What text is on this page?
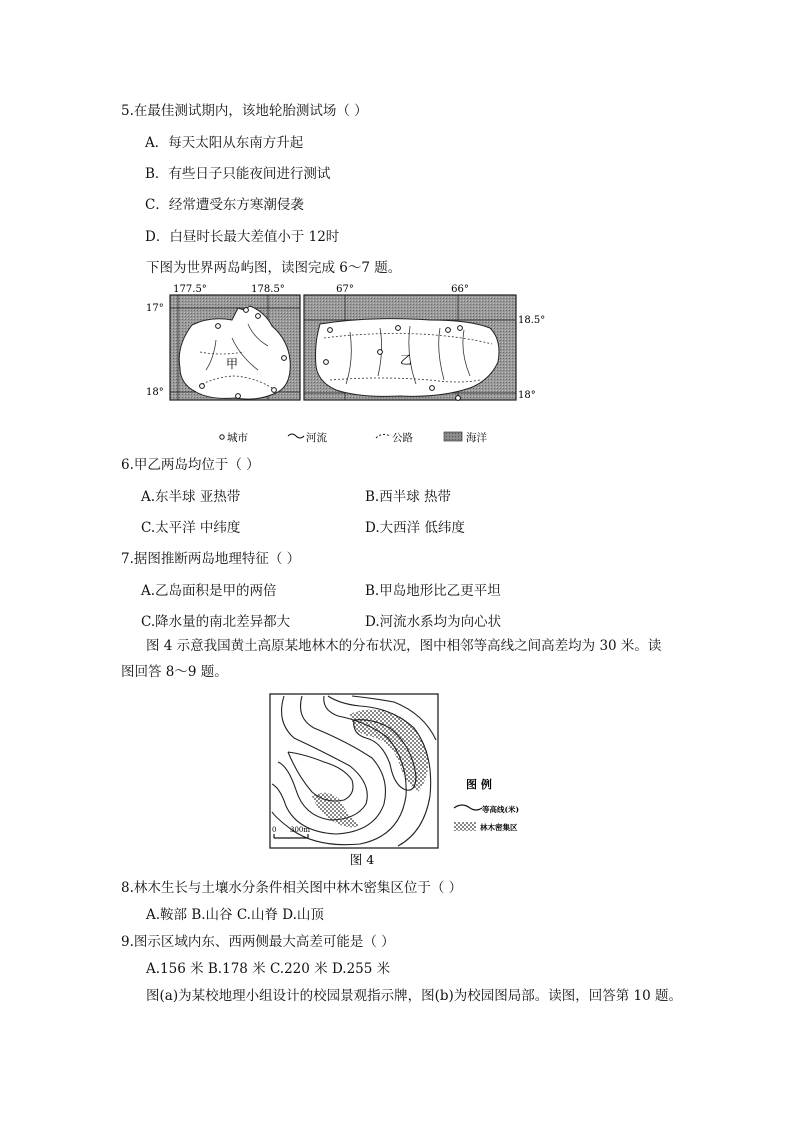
5.在最佳测试期内，该地轮胎测试场（ ）
A．每天太阳从东南方升起
B．有些日子只能夜间进行测试
C．经常遭受东方寒潮侵袭
D．白昼时长最大差值小于 12时
下图为世界两岛屿图，读图完成 6～7 题。
甲	乙
177.5°	178.5°	67°	66°
17°
18°
18.5°
18°
城市	河流	公路	海洋
6.甲乙两岛均位于（ ）
A.东半球 亚热带	B.西半球 热带
C.太平洋 中纬度	D.大西洋 低纬度
7.据图推断两岛地理特征（ ）
A.乙岛面积是甲的两倍	B.甲岛地形比乙更平坦
C.降水量的南北差异都大	D.河流水系均为向心状
图 4 示意我国黄土高原某地林木的分布状况，图中相邻等高线之间高差均为 30 米。读
图回答 8～9 题。
0 300m
图 例
等高线(米)
林木密集区
图 4
8.林木生长与土壤水分条件相关图中林木密集区位于（ ）
A.鞍部 B.山谷 C.山脊 D.山顶
9.图示区域内东、西两侧最大高差可能是（ ）
A.156 米 B.178 米 C.220 米 D.255 米
图(a)为某校地理小组设计的校园景观指示牌，图(b)为校园图局部。读图，回答第 10 题。
